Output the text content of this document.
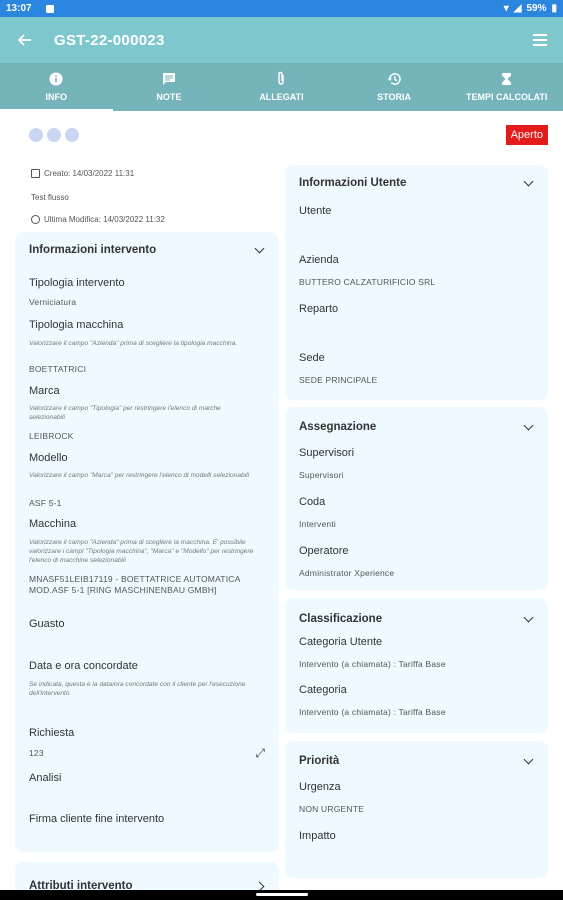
13:07	▾ ◢ 59% ▮
GST-22-000023
INFO	NOTE	ALLEGATI	STORIA	TEMPI CALCOLATI
Aperto
Creato: 14/03/2022 11:31
Test flusso
Ultima Modifica: 14/03/2022 11:32
Informazioni intervento
Tipologia intervento
Verniciatura
Tipologia macchina
Valorizzare il campo "Azienda" prima di scegliere la tipologia macchina.
BOETTATRICI
Marca
Valorizzare il campo "Tipologia" per restringere l'elenco di marche selezionabili
LEIBROCK
Modello
Valorizzare il campo "Marca" per restringere l'elenco di modelli selezionabili
ASF 5-1
Macchina
Valorizzare il campo "Azienda" prima di scegliere la macchina. E' possibile valorizzare i campi "Tipologia macchina", "Marca" e "Modello" per restringere l'elenco di macchine selezionabili
MNASF51LEIB17119 - BOETTATRICE AUTOMATICA MOD.ASF 5-1 [RING MASCHINENBAU GMBH]
Guasto
Data e ora concordate
Se indicata, questa è la data/ora concordate con il cliente per l'esecuzione dell'intervento
Richiesta
123	⤢
Analisi
Firma cliente fine intervento
Attributi intervento
Informazioni Utente
Utente
Azienda
BUTTERO CALZATURIFICIO SRL
Reparto
Sede
SEDE PRINCIPALE
Assegnazione
Supervisori
Supervisori
Coda
Interventi
Operatore
Administrator Xperience
Classificazione
Categoria Utente
Intervento (a chiamata) : Tariffa Base
Categoria
Intervento (a chiamata) : Tariffa Base
Priorità
Urgenza
NON URGENTE
Impatto
